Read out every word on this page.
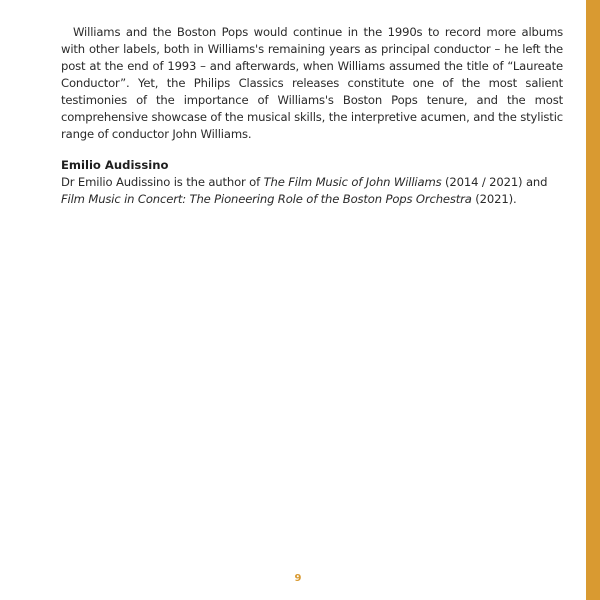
Williams and the Boston Pops would continue in the 1990s to record more albums with other labels, both in Williams's remaining years as principal conductor – he left the post at the end of 1993 – and afterwards, when Williams assumed the title of “Laureate Conductor”. Yet, the Philips Classics releases constitute one of the most salient testimonies of the importance of Williams's Boston Pops tenure, and the most comprehensive showcase of the musical skills, the interpretive acumen, and the stylistic range of conductor John Williams.

Emilio Audissino

Dr Emilio Audissino is the author of The Film Music of John Williams (2014 / 2021) and Film Music in Concert: The Pioneering Role of the Boston Pops Orchestra (2021).

9
